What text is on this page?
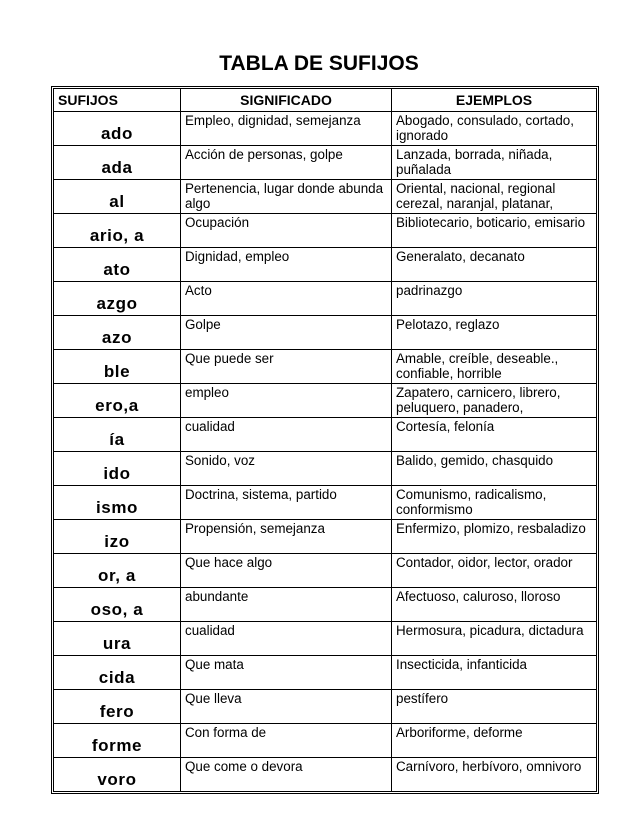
TABLA DE SUFIJOS
SUFIJOS	SIGNIFICADO	EJEMPLOS
ado	Empleo, dignidad, semejanza	Abogado, consulado, cortado, ignorado
ada	Acción de personas, golpe	Lanzada, borrada, niñada, puñalada
al	Pertenencia, lugar donde abunda algo	Oriental, nacional, regional cerezal, naranjal, platanar,
ario, a	Ocupación	Bibliotecario, boticario, emisario
ato	Dignidad, empleo	Generalato, decanato
azgo	Acto	padrinazgo
azo	Golpe	Pelotazo, reglazo
ble	Que puede ser	Amable, creíble, deseable., confiable, horrible
ero,a	empleo	Zapatero, carnicero, librero, peluquero, panadero,
ía	cualidad	Cortesía, felonía
ido	Sonido, voz	Balido, gemido, chasquido
ismo	Doctrina, sistema, partido	Comunismo, radicalismo, conformismo
izo	Propensión, semejanza	Enfermizo, plomizo, resbaladizo
or, a	Que hace algo	Contador, oidor, lector, orador
oso, a	abundante	Afectuoso, caluroso, lloroso
ura	cualidad	Hermosura, picadura, dictadura
cida	Que mata	Insecticida, infanticida
fero	Que lleva	pestífero
forme	Con forma de	Arboriforme, deforme
voro	Que come o devora	Carnívoro, herbívoro, omnivoro
